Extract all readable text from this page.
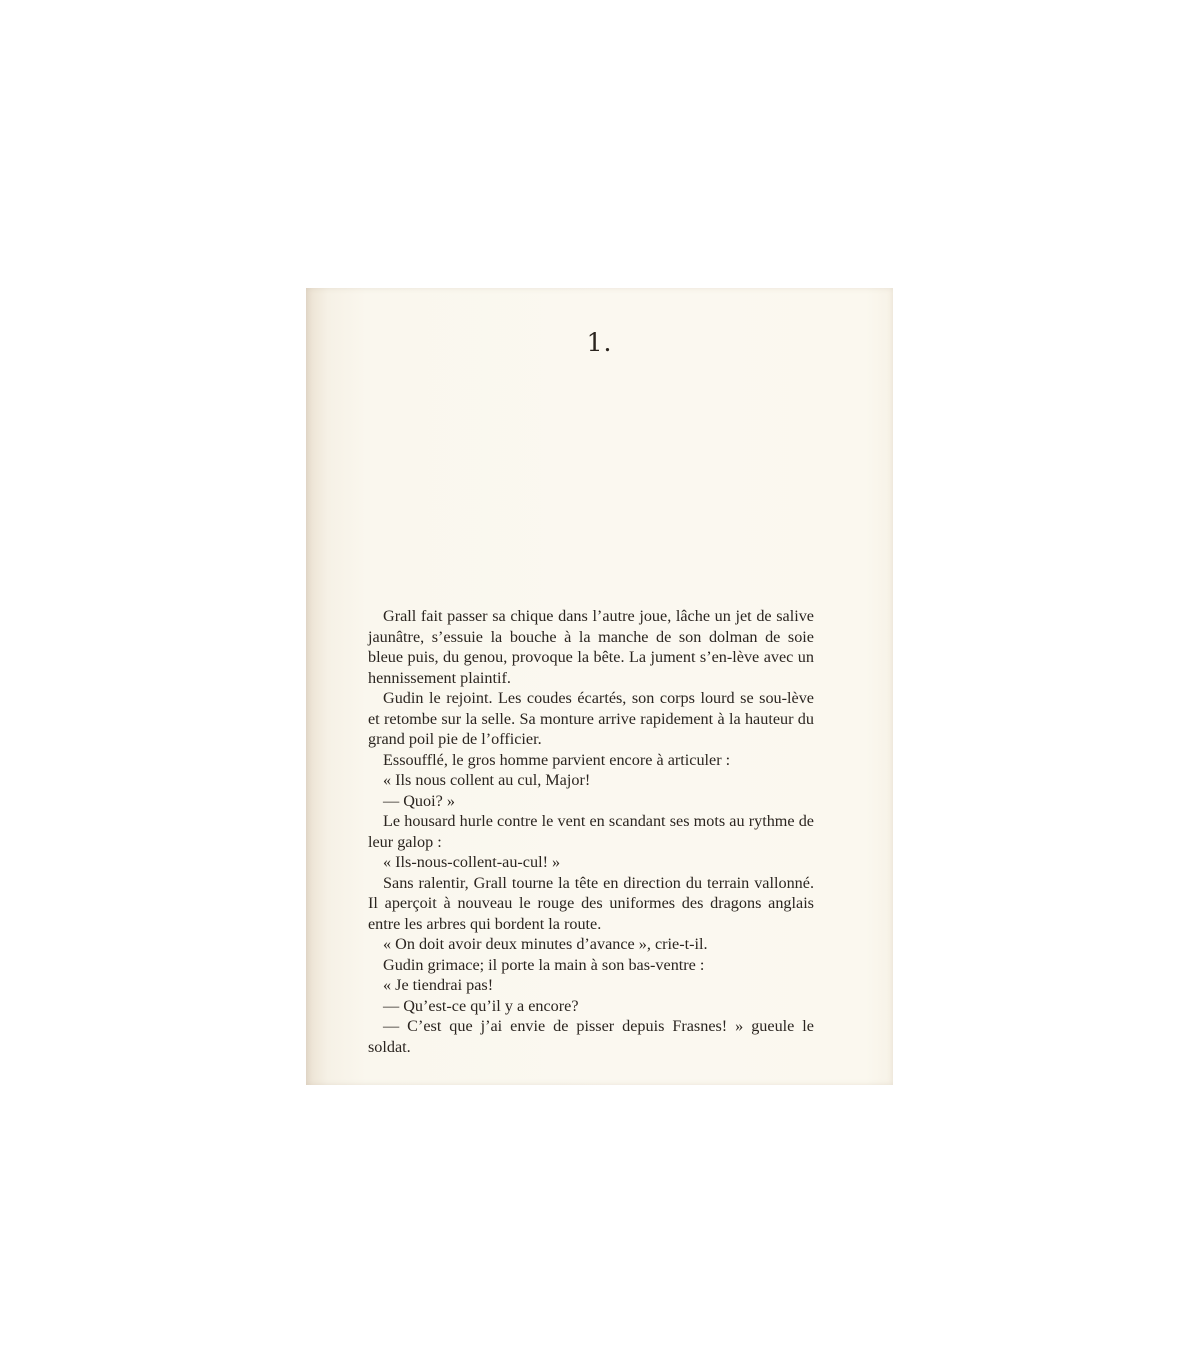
1.

Grall fait passer sa chique dans l’autre joue, lâche un jet de salive jaunâtre, s’essuie la bouche à la manche de son dolman de soie bleue puis, du genou, provoque la bête. La jument s’en-lève avec un hennissement plaintif.

Gudin le rejoint. Les coudes écartés, son corps lourd se sou-lève et retombe sur la selle. Sa monture arrive rapidement à la hauteur du grand poil pie de l’officier.

Essoufflé, le gros homme parvient encore à articuler :

« Ils nous collent au cul, Major!

— Quoi? »

Le housard hurle contre le vent en scandant ses mots au rythme de leur galop :

« Ils-nous-collent-au-cul! »

Sans ralentir, Grall tourne la tête en direction du terrain vallonné. Il aperçoit à nouveau le rouge des uniformes des dragons anglais entre les arbres qui bordent la route.

« On doit avoir deux minutes d’avance », crie-t-il.

Gudin grimace; il porte la main à son bas-ventre :

« Je tiendrai pas!

— Qu’est-ce qu’il y a encore?

— C’est que j’ai envie de pisser depuis Frasnes! » gueule le soldat.
